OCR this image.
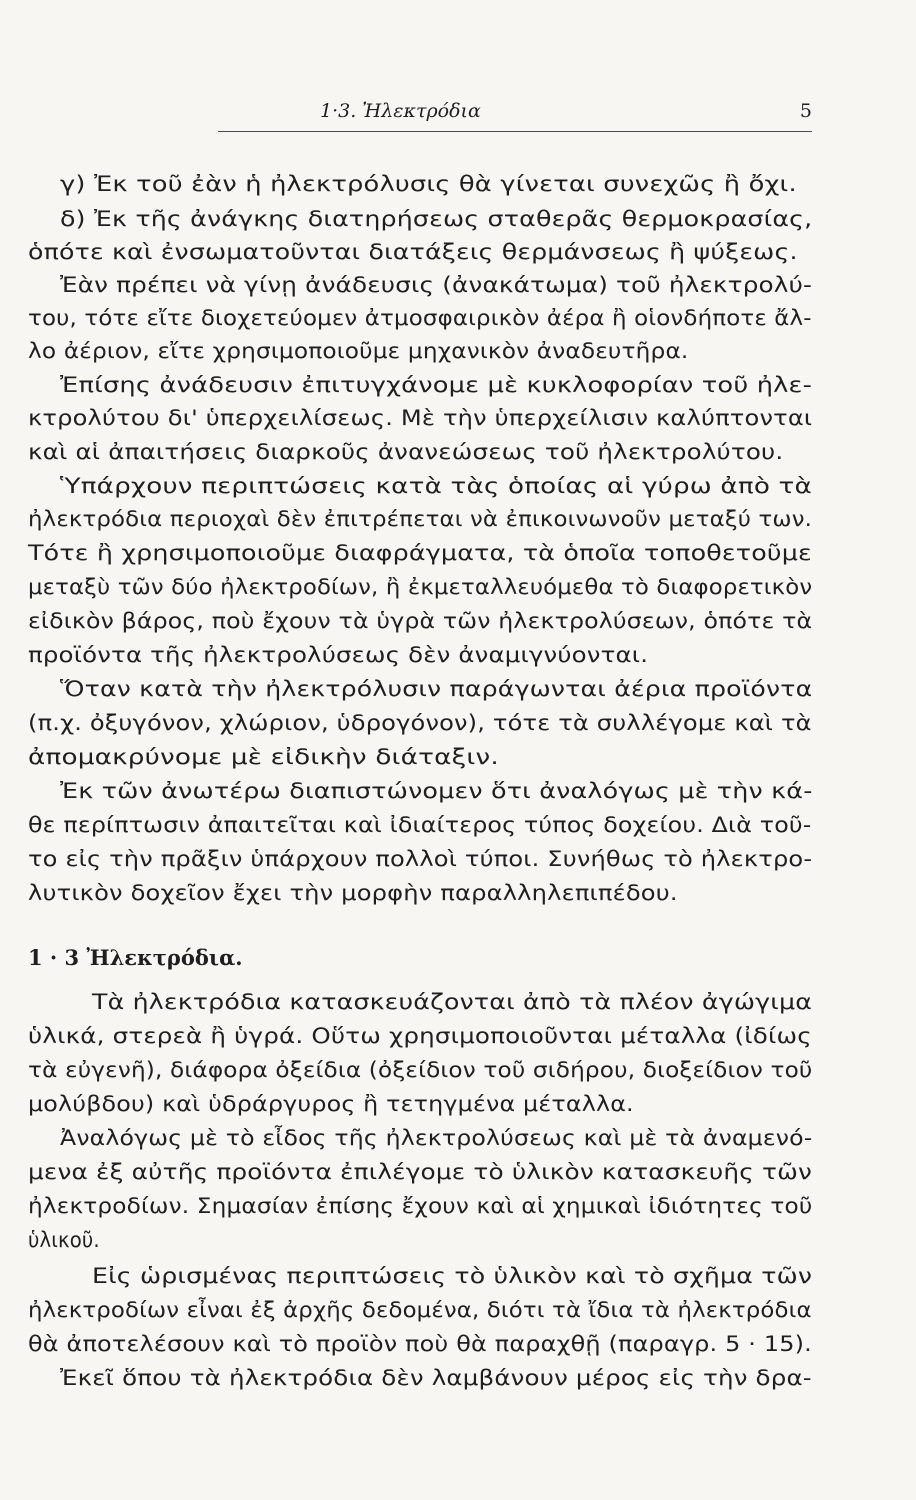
1·3. Ἠλεκτρόδια	5
γ) Ἐκ τοῦ ἐὰν ἡ ἠλεκτρόλυσις θὰ γίνεται συνεχῶς ἢ ὄχι.
δ) Ἐκ τῆς ἀνάγκης διατηρήσεως σταθερᾶς θερμοκρασίας,
ὁπότε καὶ ἐνσωματοῦνται διατάξεις θερμάνσεως ἢ ψύξεως.
Ἐὰν πρέπει νὰ γίνῃ ἀνάδευσις (ἀνακάτωμα) τοῦ ἠλεκτρολύ-
του, τότε εἴτε διοχετεύομεν ἀτμοσφαιρικὸν ἀέρα ἢ οἱονδήποτε ἄλ-
λο ἀέριον, εἴτε χρησιμοποιοῦμε μηχανικὸν ἀναδευτῆρα.
Ἐπίσης ἀνάδευσιν ἐπιτυγχάνομε μὲ κυκλοφορίαν τοῦ ἠλε-
κτρολύτου δι' ὑπερχειλίσεως. Μὲ τὴν ὑπερχείλισιν καλύπτονται
καὶ αἱ ἀπαιτήσεις διαρκοῦς ἀνανεώσεως τοῦ ἠλεκτρολύτου.
Ὑπάρχουν περιπτώσεις κατὰ τὰς ὁποίας αἱ γύρω ἀπὸ τὰ
ἠλεκτρόδια περιοχαὶ δὲν ἐπιτρέπεται νὰ ἐπικοινωνοῦν μεταξύ των.
Τότε ἢ χρησιμοποιοῦμε διαφράγματα, τὰ ὁποῖα τοποθετοῦμε
μεταξὺ τῶν δύο ἠλεκτροδίων, ἢ ἐκμεταλλευόμεθα τὸ διαφορετικὸν
εἰδικὸν βάρος, ποὺ ἔχουν τὰ ὑγρὰ τῶν ἠλεκτρολύσεων, ὁπότε τὰ
προϊόντα τῆς ἠλεκτρολύσεως δὲν ἀναμιγνύονται.
Ὅταν κατὰ τὴν ἠλεκτρόλυσιν παράγωνται ἀέρια προϊόντα
(π.χ. ὀξυγόνον, χλώριον, ὑδρογόνον), τότε τὰ συλλέγομε καὶ τὰ
ἀπομακρύνομε μὲ εἰδικὴν διάταξιν.
Ἐκ τῶν ἀνωτέρω διαπιστώνομεν ὅτι ἀναλόγως μὲ τὴν κά-
θε περίπτωσιν ἀπαιτεῖται καὶ ἰδιαίτερος τύπος δοχείου. Διὰ τοῦ-
το εἰς τὴν πρᾶξιν ὑπάρχουν πολλοὶ τύποι. Συνήθως τὸ ἠλεκτρο-
λυτικὸν δοχεῖον ἔχει τὴν μορφὴν παραλληλεπιπέδου.
1 · 3 Ἠλεκτρόδια.
Τὰ ἠλεκτρόδια κατασκευάζονται ἀπὸ τὰ πλέον ἀγώγιμα
ὑλικά, στερεὰ ἢ ὑγρά. Οὕτω χρησιμοποιοῦνται μέταλλα (ἰδίως
τὰ εὐγενῆ), διάφορα ὀξείδια (ὀξείδιον τοῦ σιδήρου, διοξείδιον τοῦ
μολύβδου) καὶ ὑδράργυρος ἢ τετηγμένα μέταλλα.
Ἀναλόγως μὲ τὸ εἶδος τῆς ἠλεκτρολύσεως καὶ μὲ τὰ ἀναμενό-
μενα ἐξ αὐτῆς προϊόντα ἐπιλέγομε τὸ ὑλικὸν κατασκευῆς τῶν
ἠλεκτροδίων. Σημασίαν ἐπίσης ἔχουν καὶ αἱ χημικαὶ ἰδιότητες τοῦ
ὑλικοῦ.
Εἰς ὡρισμένας περιπτώσεις τὸ ὑλικὸν καὶ τὸ σχῆμα τῶν
ἠλεκτροδίων εἶναι ἐξ ἀρχῆς δεδομένα, διότι τὰ ἴδια τὰ ἠλεκτρόδια
θὰ ἀποτελέσουν καὶ τὸ προϊὸν ποὺ θὰ παραχθῇ (παραγρ. 5 · 15).
Ἐκεῖ ὅπου τὰ ἠλεκτρόδια δὲν λαμβάνουν μέρος εἰς τὴν δρα-
